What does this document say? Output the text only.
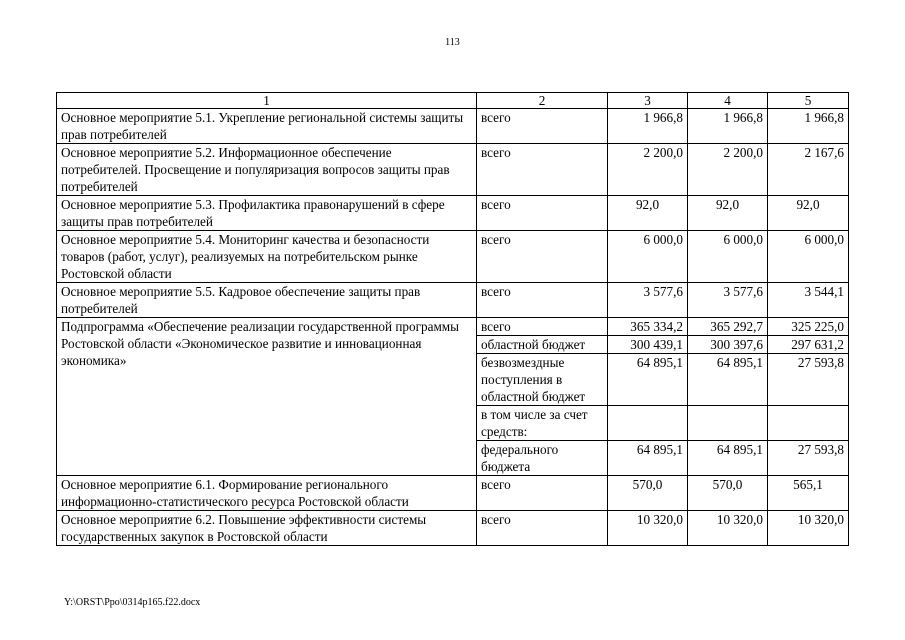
113
1	2	3	4	5
Основное мероприятие 5.1. Укрепление региональной системы защиты прав потребителей	всего	1 966,8	1 966,8	1 966,8
Основное мероприятие 5.2. Информационное обеспечение потребителей. Просвещение и популяризация вопросов защиты прав потребителей	всего	2 200,0	2 200,0	2 167,6
Основное мероприятие 5.3. Профилактика правонарушений в сфере защиты прав потребителей	всего	92,0	92,0	92,0
Основное мероприятие 5.4. Мониторинг качества и безопасности товаров (работ, услуг), реализуемых на потребительском рынке Ростовской области	всего	6 000,0	6 000,0	6 000,0
Основное мероприятие 5.5. Кадровое обеспечение защиты прав потребителей	всего	3 577,6	3 577,6	3 544,1
Подпрограмма «Обеспечение реализации государственной программы Ростовской области «Экономическое развитие и инновационная экономика»	всего	365 334,2	365 292,7	325 225,0
	областной бюджет	300 439,1	300 397,6	297 631,2
	безвозмездные поступления в областной бюджет	64 895,1	64 895,1	27 593,8
	в том числе за счет средств:			
	федерального бюджета	64 895,1	64 895,1	27 593,8
Основное мероприятие 6.1. Формирование регионального информационно-статистического ресурса Ростовской области	всего	570,0	570,0	565,1
Основное мероприятие 6.2. Повышение эффективности системы государственных закупок в Ростовской области	всего	10 320,0	10 320,0	10 320,0
Y:\ORST\Ppo\0314p165.f22.docx
